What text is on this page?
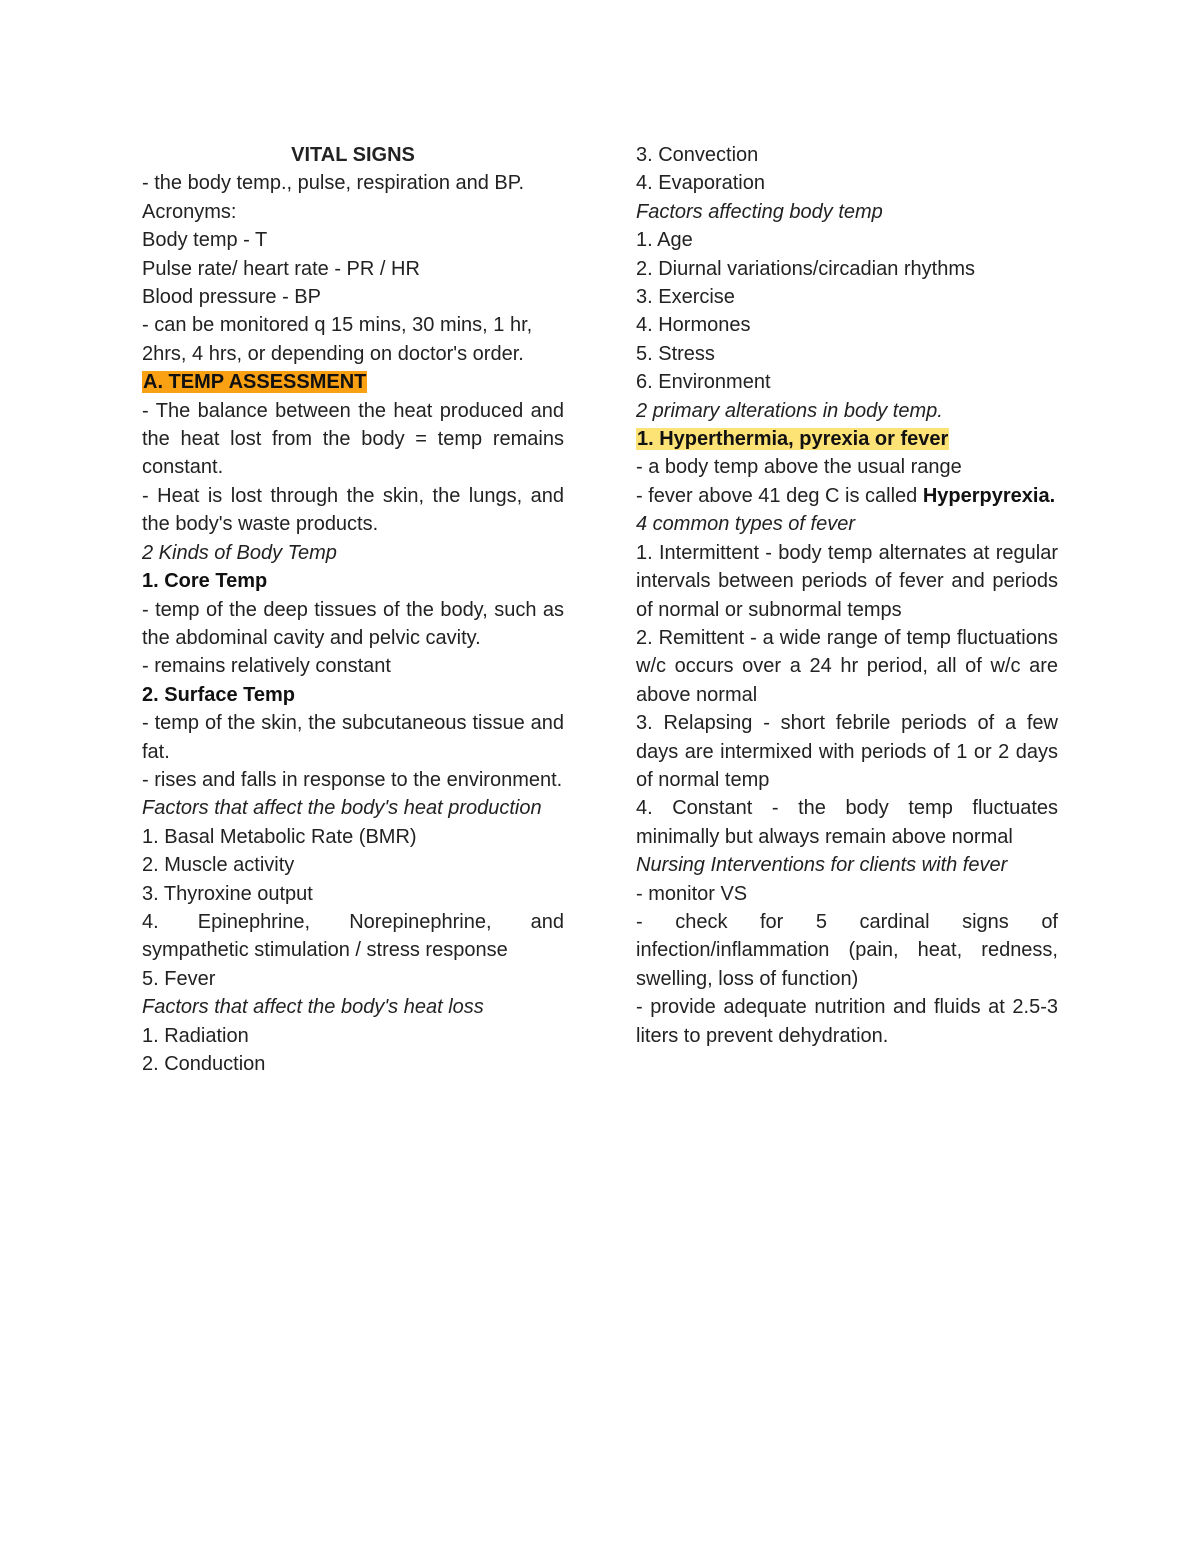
VITAL SIGNS
- the body temp., pulse, respiration and BP.
Acronyms:
Body temp - T
Pulse rate/ heart rate - PR / HR
Blood pressure - BP
- can be monitored q 15 mins, 30 mins, 1 hr,
2hrs, 4 hrs, or depending on doctor's order.
A. TEMP ASSESSMENT
- The balance between the heat produced and the heat lost from the body = temp remains constant.
- Heat is lost through the skin, the lungs, and the body's waste products.
2 Kinds of Body Temp
1. Core Temp
- temp of the deep tissues of the body, such as the abdominal cavity and pelvic cavity.
- remains relatively constant
2. Surface Temp
- temp of the skin, the subcutaneous tissue and fat.
- rises and falls in response to the environment.
Factors that affect the body's heat production
1. Basal Metabolic Rate (BMR)
2. Muscle activity
3. Thyroxine output
4. Epinephrine, Norepinephrine, and sympathetic stimulation / stress response
5. Fever
Factors that affect the body's heat loss
1. Radiation
2. Conduction
3. Convection
4. Evaporation
Factors affecting body temp
1. Age
2. Diurnal variations/circadian rhythms
3. Exercise
4. Hormones
5. Stress
6. Environment
2 primary alterations in body temp.
1. Hyperthermia, pyrexia or fever
- a body temp above the usual range
- fever above 41 deg C is called Hyperpyrexia.
4 common types of fever
1. Intermittent - body temp alternates at regular intervals between periods of fever and periods of normal or subnormal temps
2. Remittent - a wide range of temp fluctuations w/c occurs over a 24 hr period, all of w/c are above normal
3. Relapsing - short febrile periods of a few days are intermixed with periods of 1 or 2 days of normal temp
4. Constant - the body temp fluctuates minimally but always remain above normal
Nursing Interventions for clients with fever
- monitor VS
- check for 5 cardinal signs of infection/inflammation (pain, heat, redness, swelling, loss of function)
- provide adequate nutrition and fluids at 2.5-3 liters to prevent dehydration.
